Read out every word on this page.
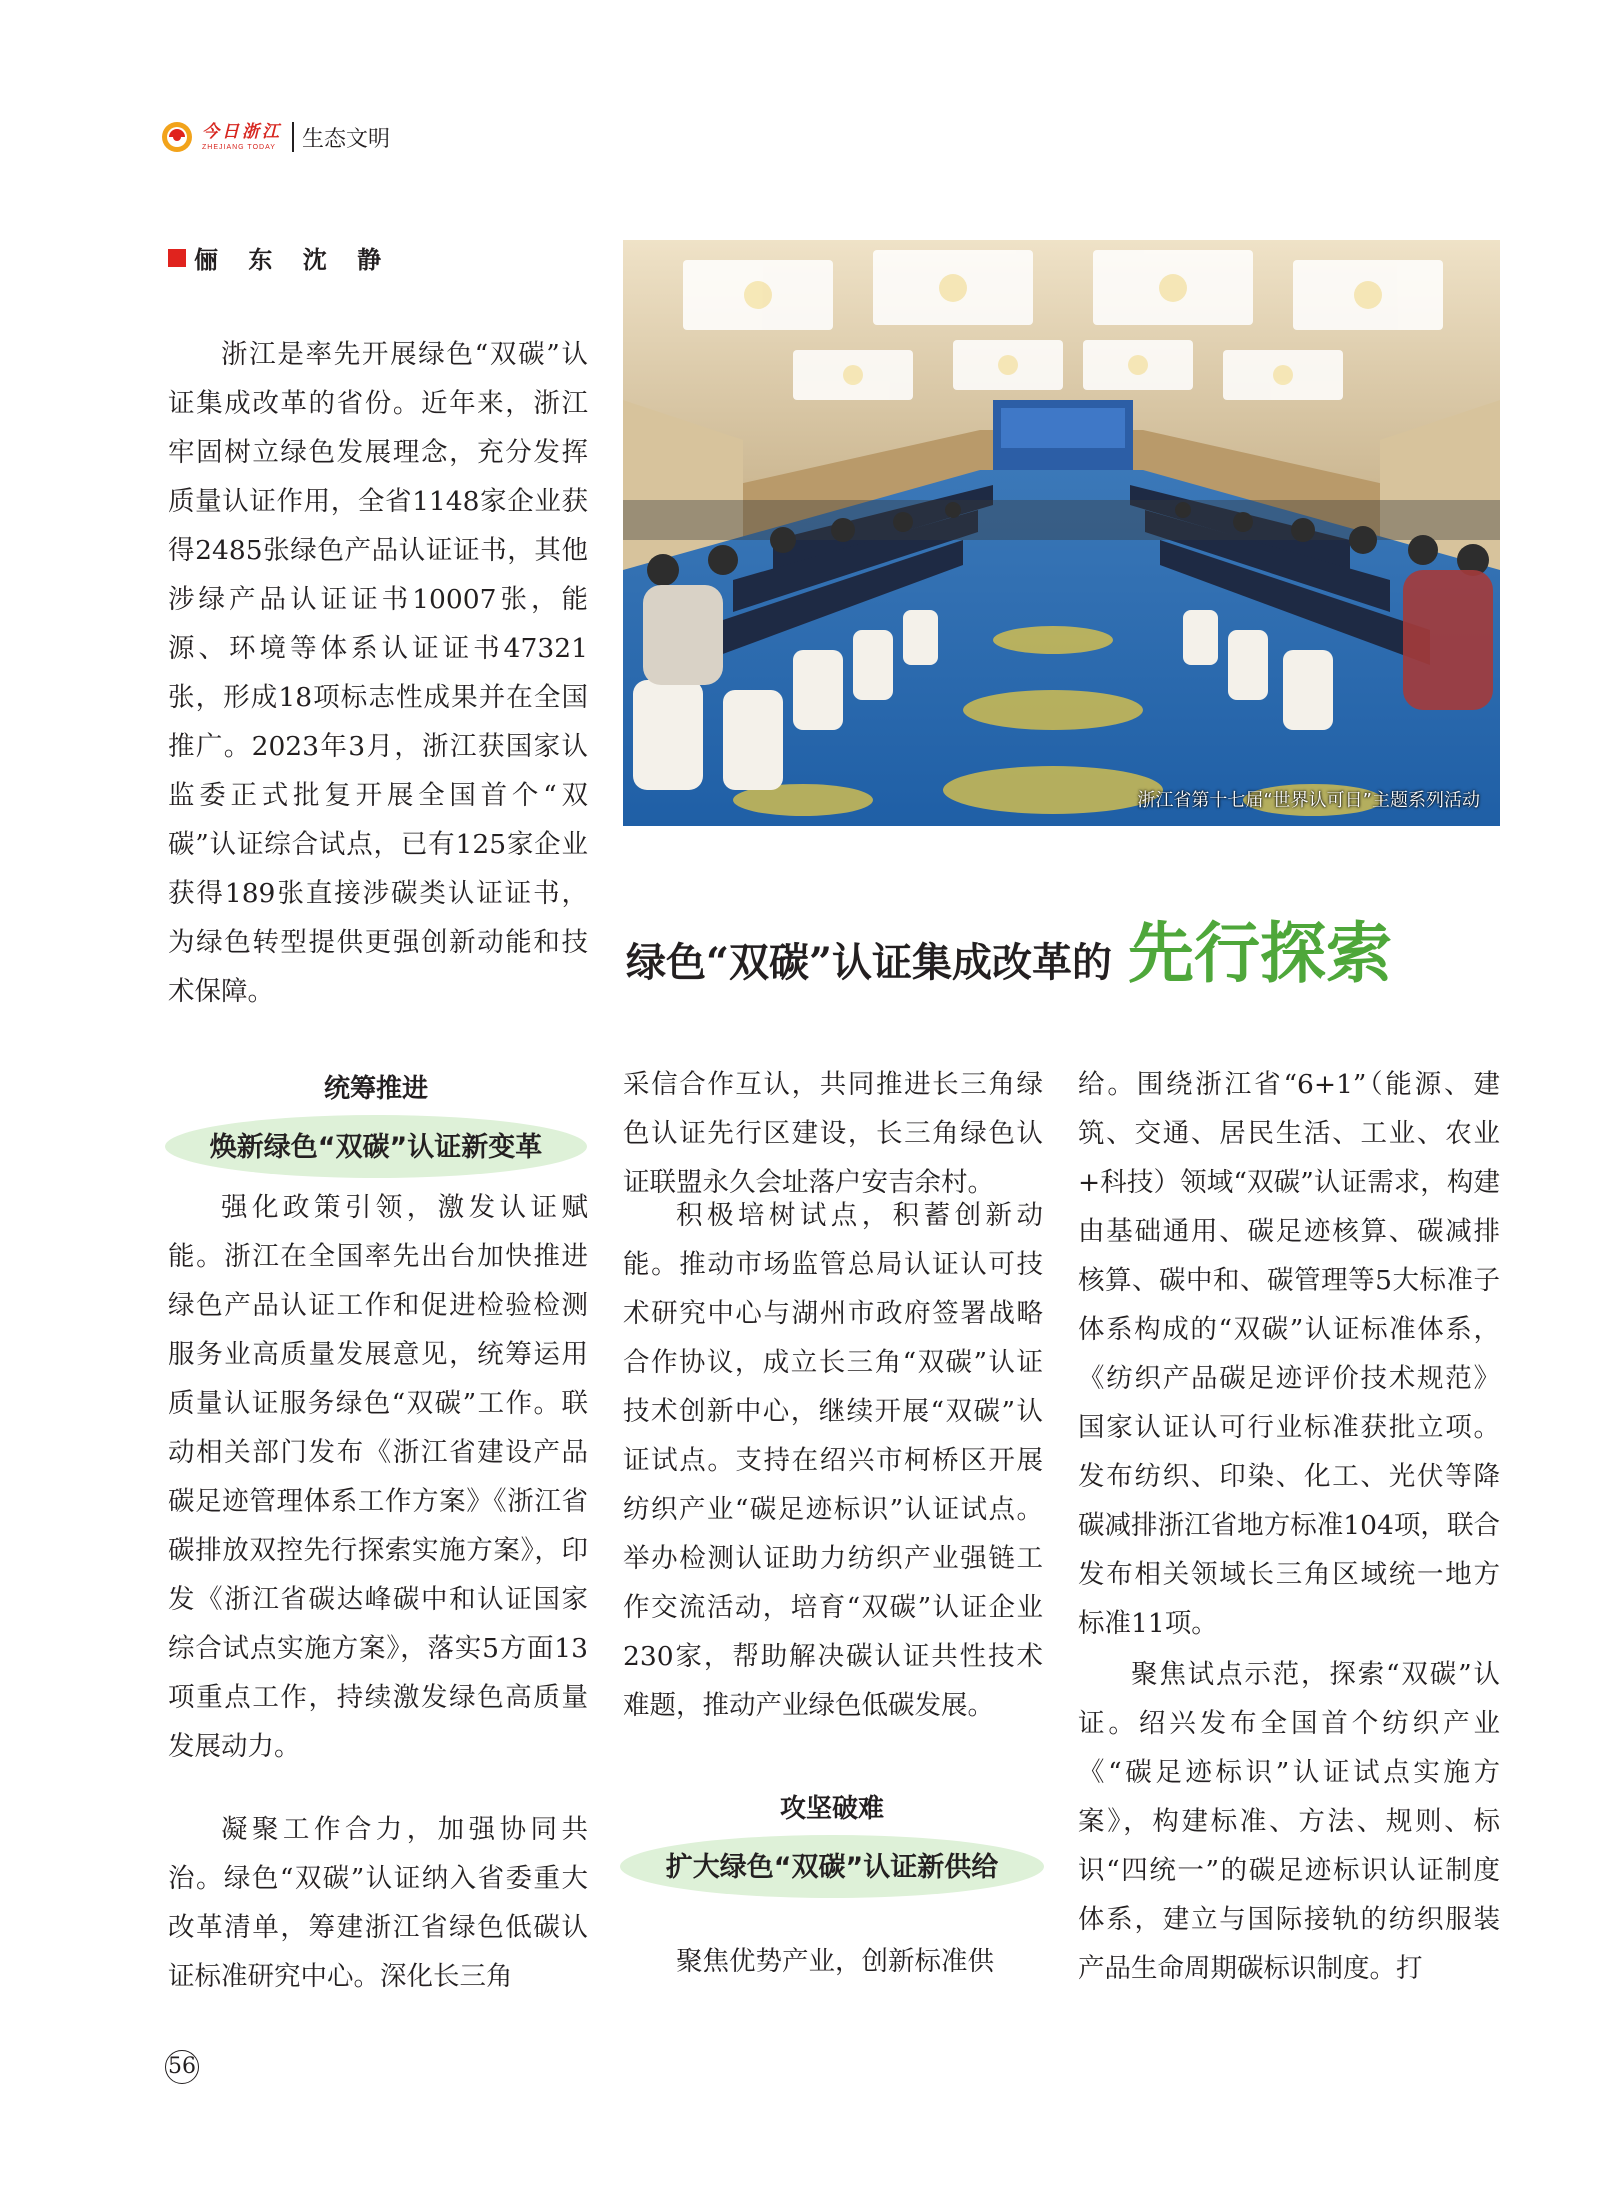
今日浙江
ZHEJIANG TODAY 生态文明
俪 东 沈 静

浙江是率先开展绿色“双碳”认证集成改革的省份。近年来，浙江牢固树立绿色发展理念，充分发挥质量认证作用，全省1148家企业获得2485张绿色产品认证证书，其他涉绿产品认证证书10007张，能源、环境等体系认证证书47321张，形成18项标志性成果并在全国推广。2023年3月，浙江获国家认监委正式批复开展全国首个“双碳”认证综合试点，已有125家企业获得189张直接涉碳类认证证书，为绿色转型提供更强创新动能和技术保障。

浙江省第十七届“世界认可日”主题系列活动
绿色“双碳”认证集成改革的 先行探索
统筹推进
焕新绿色“双碳”认证新变革

强化政策引领，激发认证赋能。浙江在全国率先出台加快推进绿色产品认证工作和促进检验检测服务业高质量发展意见，统筹运用质量认证服务绿色“双碳”工作。联动相关部门发布《浙江省建设产品碳足迹管理体系工作方案》《浙江省碳排放双控先行探索实施方案》，印发《浙江省碳达峰碳中和认证国家综合试点实施方案》，落实5方面13项重点工作，持续激发绿色高质量发展动力。

凝聚工作合力，加强协同共治。绿色“双碳”认证纳入省委重大改革清单，筹建浙江省绿色低碳认证标准研究中心。深化长三角

采信合作互认，共同推进长三角绿色认证先行区建设，长三角绿色认证联盟永久会址落户安吉余村。

积极培树试点，积蓄创新动能。推动市场监管总局认证认可技术研究中心与湖州市政府签署战略合作协议，成立长三角“双碳”认证技术创新中心，继续开展“双碳”认证试点。支持在绍兴市柯桥区开展纺织产业“碳足迹标识”认证试点。举办检测认证助力纺织产业强链工作交流活动，培育“双碳”认证企业230家，帮助解决碳认证共性技术难题，推动产业绿色低碳发展。

攻坚破难
扩大绿色“双碳”认证新供给

聚焦优势产业，创新标准供

给。围绕浙江省“6+1”（能源、建筑、交通、居民生活、工业、农业+科技）领域“双碳”认证需求，构建由基础通用、碳足迹核算、碳减排核算、碳中和、碳管理等5大标准子体系构成的“双碳”认证标准体系，《纺织产品碳足迹评价技术规范》国家认证认可行业标准获批立项。发布纺织、印染、化工、光伏等降碳减排浙江省地方标准104项，联合发布相关领域长三角区域统一地方标准11项。

聚焦试点示范，探索“双碳”认证。绍兴发布全国首个纺织产业《“碳足迹标识”认证试点实施方案》，构建标准、方法、规则、标识“四统一”的碳足迹标识认证制度体系，建立与国际接轨的纺织服装产品生命周期碳标识制度。打

56
